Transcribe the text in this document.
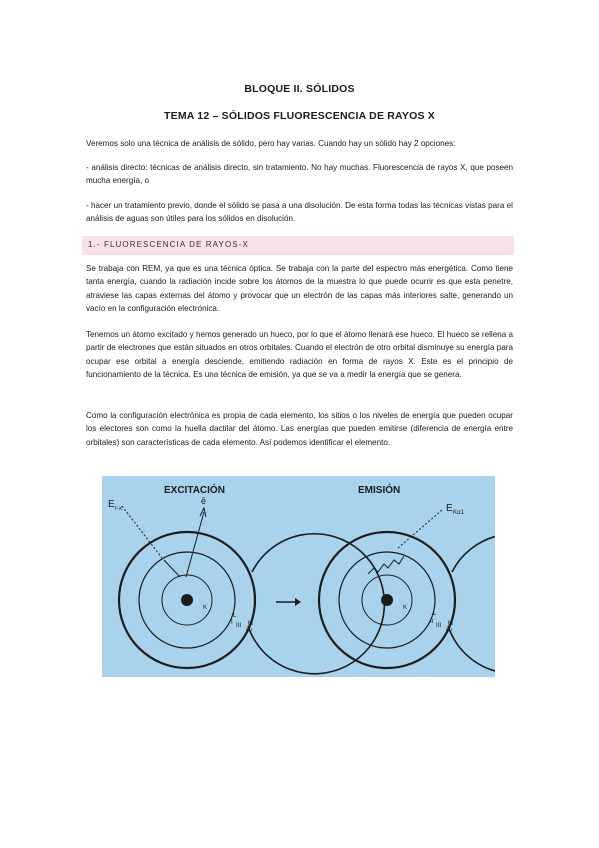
BLOQUE II. SÓLIDOS
TEMA 12 – SÓLIDOS FLUORESCENCIA DE RAYOS X

Veremos solo una técnica de análisis de sólido, pero hay varias. Cuando hay un sólido hay 2 opciones:

- análisis directo: técnicas de análisis directo, sin tratamiento. No hay muchas. Fluorescencia de rayos X, que poseen mucha energía, o

- hacer un tratamiento previo, donde el sólido se pasa a una disolución. De esta forma todas las técnicas vistas para el análisis de aguas son útiles para los sólidos en disolución.

1.- FLUORESCENCIA DE RAYOS-X

Se trabaja con REM, ya que es una técnica óptica. Se trabaja con la parte del espectro más energética. Como tiene tanta energía, cuando la radiación incide sobre los átomos de la muestra lo que puede ocurrir es que esta penetre, atraviese las capas externas del átomo y provocar que un electrón de las capas más interiores salte, generando un vacío en la configuración electrónica.

Tenemos un átomo excitado y hemos generado un hueco, por lo que el átomo llenará ese hueco. El hueco se rellena a partir de electrones que están situados en otros orbitales. Cuando el electrón de otro orbital disminuye su energía para ocupar ese orbital a energía desciende, emitiendo radiación en forma de rayos X. Este es el principio de funcionamiento de la técnica. Es una técnica de emisión, ya que se va a medir la energía que se genera.

Como la configuración electrónica es propia de cada elemento, los sitios o los niveles de energía que pueden ocupar los electores son como la huella dactilar del átomo. Las energías que pueden emitirse (diferencia de energía entre orbitales) son características de cada elemento. Así podemos identificar el elemento.

EXCITACIÓN
E r-x
ē
K
L
I III M
I-V
EMISIÓN
E Kα1
K
L
II
III M
I-V
